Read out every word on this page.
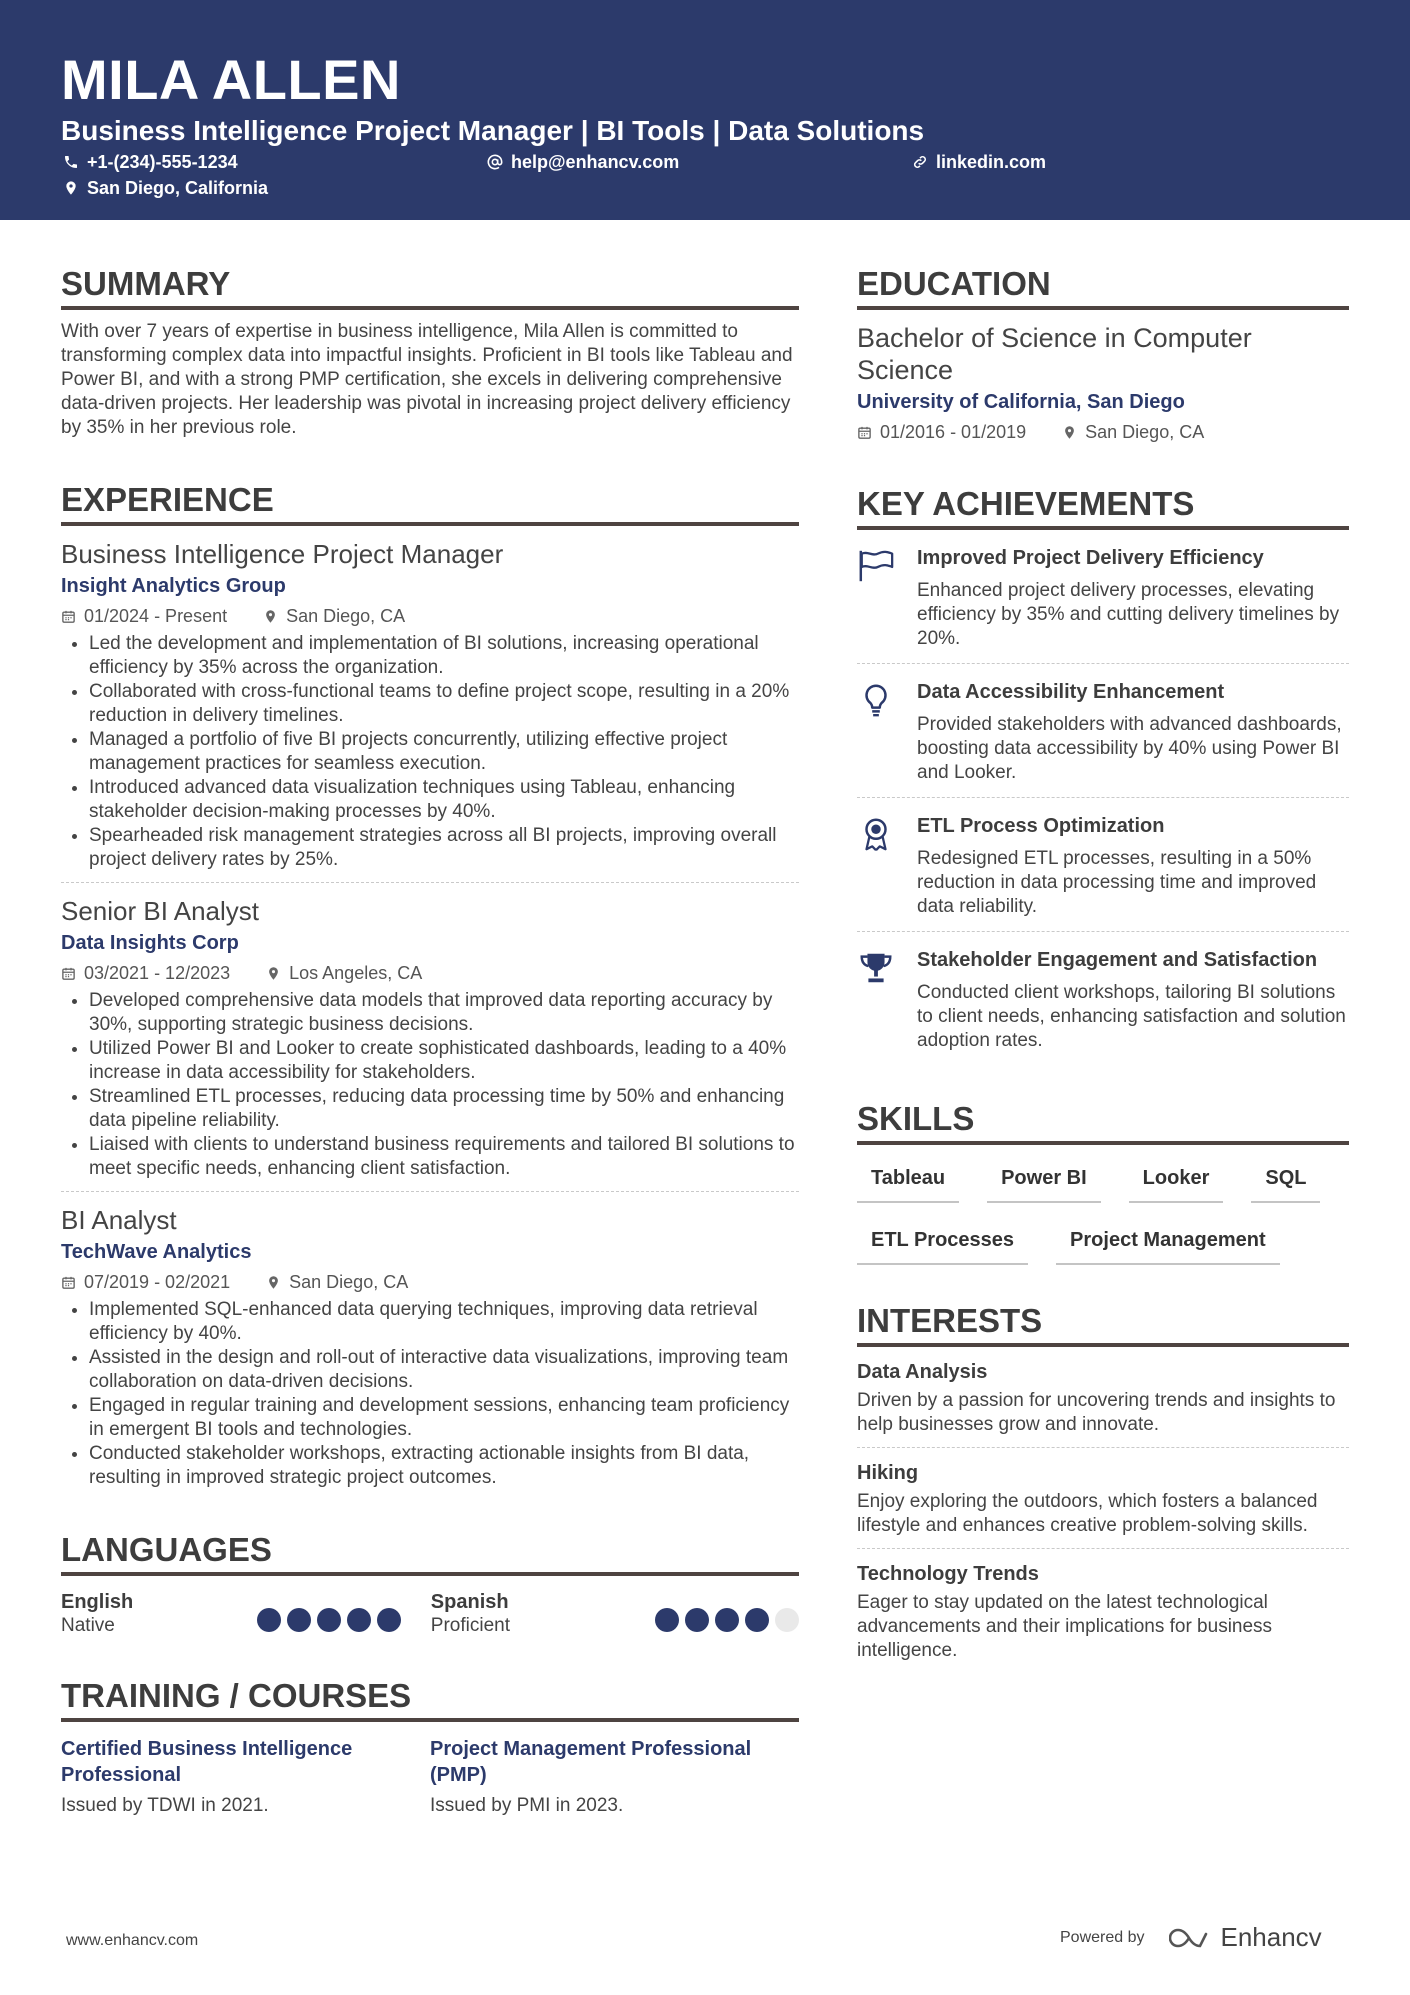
MILA ALLEN
Business Intelligence Project Manager | BI Tools | Data Solutions
+1-(234)-555-1234	help@enhancv.com	linkedin.com
San Diego, California
SUMMARY
With over 7 years of expertise in business intelligence, Mila Allen is committed to transforming complex data into impactful insights. Proficient in BI tools like Tableau and Power BI, and with a strong PMP certification, she excels in delivering comprehensive data-driven projects. Her leadership was pivotal in increasing project delivery efficiency by 35% in her previous role.
EXPERIENCE
Business Intelligence Project Manager
Insight Analytics Group
01/2024 - Present	San Diego, CA
• Led the development and implementation of BI solutions, increasing operational efficiency by 35% across the organization.
• Collaborated with cross-functional teams to define project scope, resulting in a 20% reduction in delivery timelines.
• Managed a portfolio of five BI projects concurrently, utilizing effective project management practices for seamless execution.
• Introduced advanced data visualization techniques using Tableau, enhancing stakeholder decision-making processes by 40%.
• Spearheaded risk management strategies across all BI projects, improving overall project delivery rates by 25%.
Senior BI Analyst
Data Insights Corp
03/2021 - 12/2023	Los Angeles, CA
• Developed comprehensive data models that improved data reporting accuracy by 30%, supporting strategic business decisions.
• Utilized Power BI and Looker to create sophisticated dashboards, leading to a 40% increase in data accessibility for stakeholders.
• Streamlined ETL processes, reducing data processing time by 50% and enhancing data pipeline reliability.
• Liaised with clients to understand business requirements and tailored BI solutions to meet specific needs, enhancing client satisfaction.
BI Analyst
TechWave Analytics
07/2019 - 02/2021	San Diego, CA
• Implemented SQL-enhanced data querying techniques, improving data retrieval efficiency by 40%.
• Assisted in the design and roll-out of interactive data visualizations, improving team collaboration on data-driven decisions.
• Engaged in regular training and development sessions, enhancing team proficiency in emergent BI tools and technologies.
• Conducted stakeholder workshops, extracting actionable insights from BI data, resulting in improved strategic project outcomes.
LANGUAGES
English
Native
Spanish
Proficient
TRAINING / COURSES
Certified Business Intelligence Professional
Issued by TDWI in 2021.
Project Management Professional (PMP)
Issued by PMI in 2023.
EDUCATION
Bachelor of Science in Computer Science
University of California, San Diego
01/2016 - 01/2019	San Diego, CA
KEY ACHIEVEMENTS
Improved Project Delivery Efficiency
Enhanced project delivery processes, elevating efficiency by 35% and cutting delivery timelines by 20%.
Data Accessibility Enhancement
Provided stakeholders with advanced dashboards, boosting data accessibility by 40% using Power BI and Looker.
ETL Process Optimization
Redesigned ETL processes, resulting in a 50% reduction in data processing time and improved data reliability.
Stakeholder Engagement and Satisfaction
Conducted client workshops, tailoring BI solutions to client needs, enhancing satisfaction and solution adoption rates.
SKILLS
Tableau	Power BI	Looker	SQL
ETL Processes	Project Management
INTERESTS
Data Analysis
Driven by a passion for uncovering trends and insights to help businesses grow and innovate.
Hiking
Enjoy exploring the outdoors, which fosters a balanced lifestyle and enhances creative problem-solving skills.
Technology Trends
Eager to stay updated on the latest technological advancements and their implications for business intelligence.
www.enhancv.com	Powered by	Enhancv
